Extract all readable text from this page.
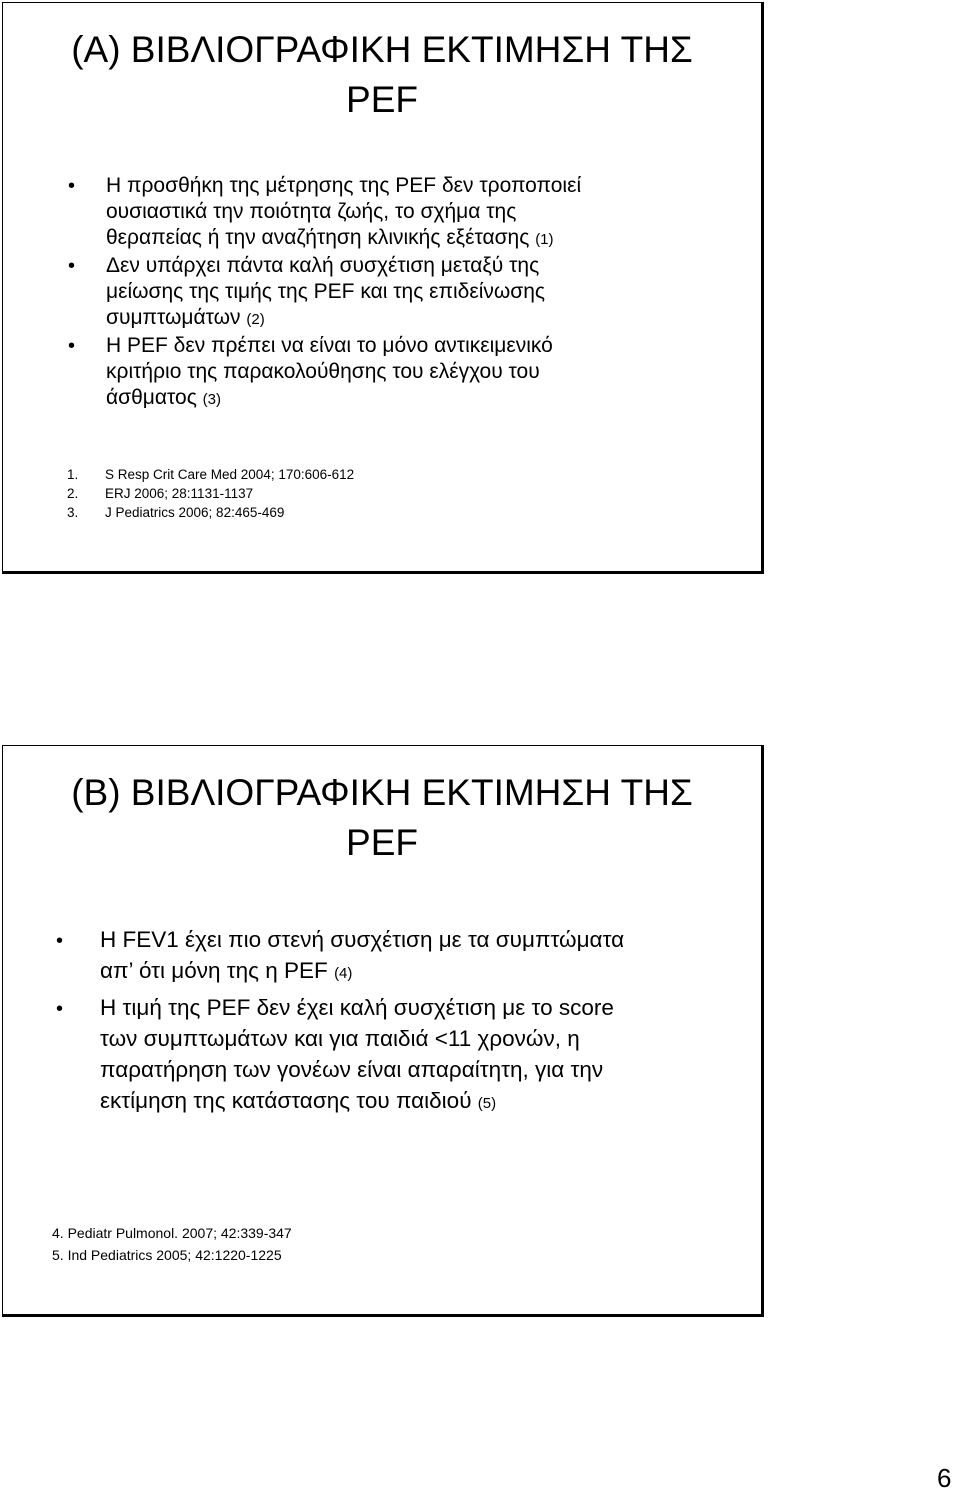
(Α) ΒΙΒΛΙΟΓΡΑΦΙΚΗ ΕΚΤΙΜΗΣΗ ΤΗΣ
PEF
• Η προσθήκη της μέτρησης της PEF δεν τροποποιεί
ουσιαστικά την ποιότητα ζωής, το σχήμα της
θεραπείας ή την αναζήτηση κλινικής εξέτασης (1)
• Δεν υπάρχει πάντα καλή συσχέτιση μεταξύ της
μείωσης της τιμής της PEF και της επιδείνωσης
συμπτωμάτων (2)
• Η PEF δεν πρέπει να είναι το μόνο αντικειμενικό
κριτήριο της παρακολούθησης του ελέγχου του
άσθματος (3)
1. S Resp Crit Care Med 2004; 170:606-612
2. ERJ 2006; 28:1131-1137
3. J Pediatrics 2006; 82:465-469
(Β) ΒΙΒΛΙΟΓΡΑΦΙΚΗ ΕΚΤΙΜΗΣΗ ΤΗΣ
PEF
• Η FEV1 έχει πιο στενή συσχέτιση με τα συμπτώματα
απ’ ότι μόνη της η PEF (4)
• Η τιμή της PEF δεν έχει καλή συσχέτιση με το score
των συμπτωμάτων και για παιδιά <11 χρονών, η
παρατήρηση των γονέων είναι απαραίτητη, για την
εκτίμηση της κατάστασης του παιδιού (5)
4. Pediatr Pulmonol. 2007; 42:339-347
5. Ind Pediatrics 2005; 42:1220-1225
6
